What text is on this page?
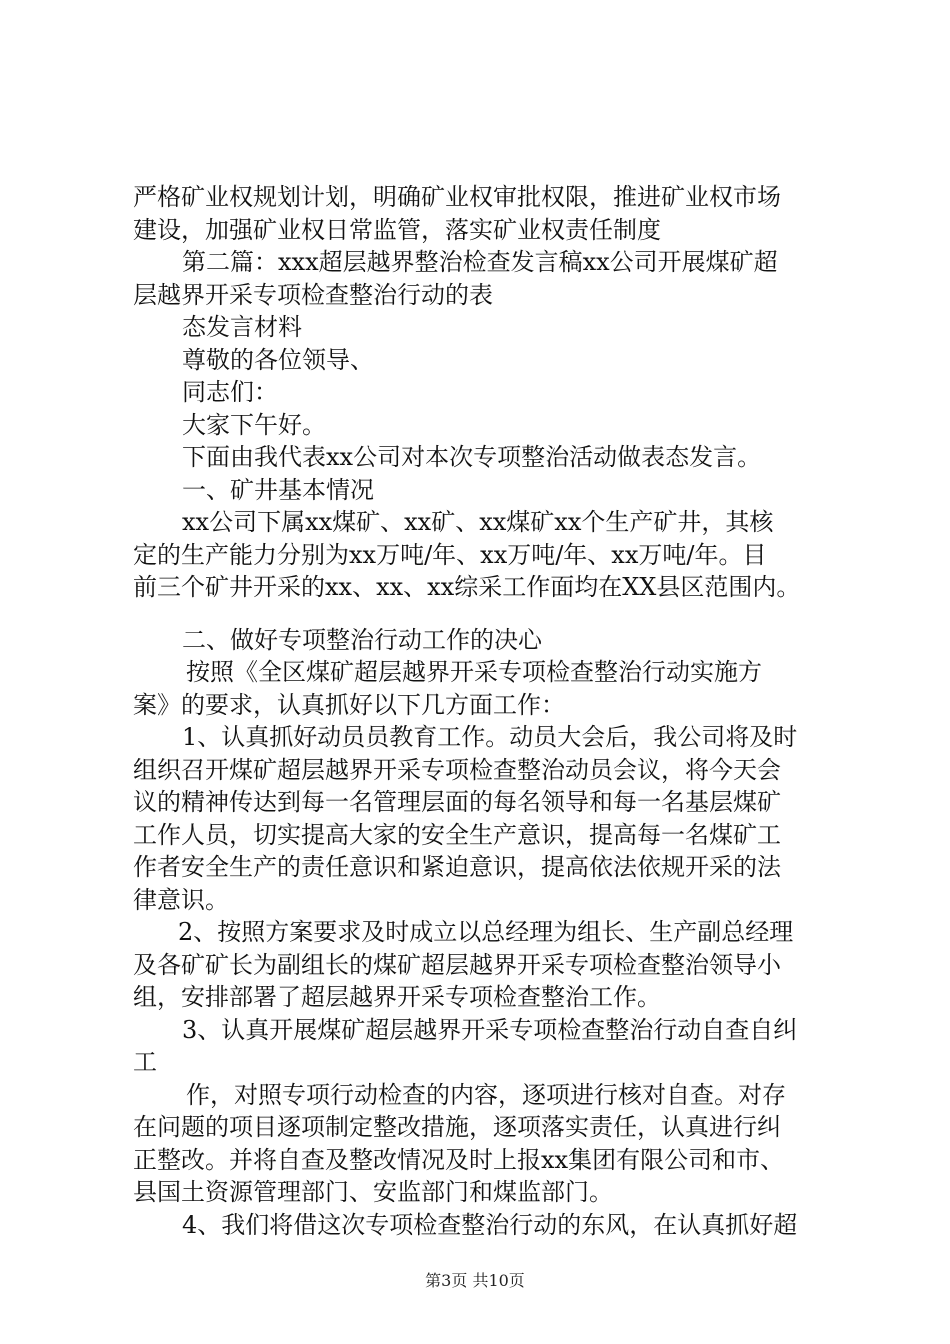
严格矿业权规划计划，明确矿业权审批权限，推进矿业权市场
建设，加强矿业权日常监管，落实矿业权责任制度
第二篇：xxx超层越界整治检查发言稿xx公司开展煤矿超
层越界开采专项检查整治行动的表
态发言材料
尊敬的各位领导、
同志们：
大家下午好。
下面由我代表xx公司对本次专项整治活动做表态发言。
一、矿井基本情况
xx公司下属xx煤矿、xx矿、xx煤矿xx个生产矿井，其核
定的生产能力分别为xx万吨/年、xx万吨/年、xx万吨/年。目
前三个矿井开采的xx、xx、xx综采工作面均在XX县区范围内。
二、做好专项整治行动工作的决心
按照《全区煤矿超层越界开采专项检查整治行动实施方
案》的要求，认真抓好以下几方面工作：
1、认真抓好动员员教育工作。动员大会后，我公司将及时
组织召开煤矿超层越界开采专项检查整治动员会议，将今天会
议的精神传达到每一名管理层面的每名领导和每一名基层煤矿
工作人员，切实提高大家的安全生产意识，提高每一名煤矿工
作者安全生产的责任意识和紧迫意识，提高依法依规开采的法
律意识。
2、按照方案要求及时成立以总经理为组长、生产副总经理
及各矿矿长为副组长的煤矿超层越界开采专项检查整治领导小
组，安排部署了超层越界开采专项检查整治工作。
3、认真开展煤矿超层越界开采专项检查整治行动自查自纠
工
作，对照专项行动检查的内容，逐项进行核对自查。对存
在问题的项目逐项制定整改措施，逐项落实责任，认真进行纠
正整改。并将自查及整改情况及时上报xx集团有限公司和市、
县国土资源管理部门、安监部门和煤监部门。
4、我们将借这次专项检查整治行动的东风，在认真抓好超
第3页 共10页
